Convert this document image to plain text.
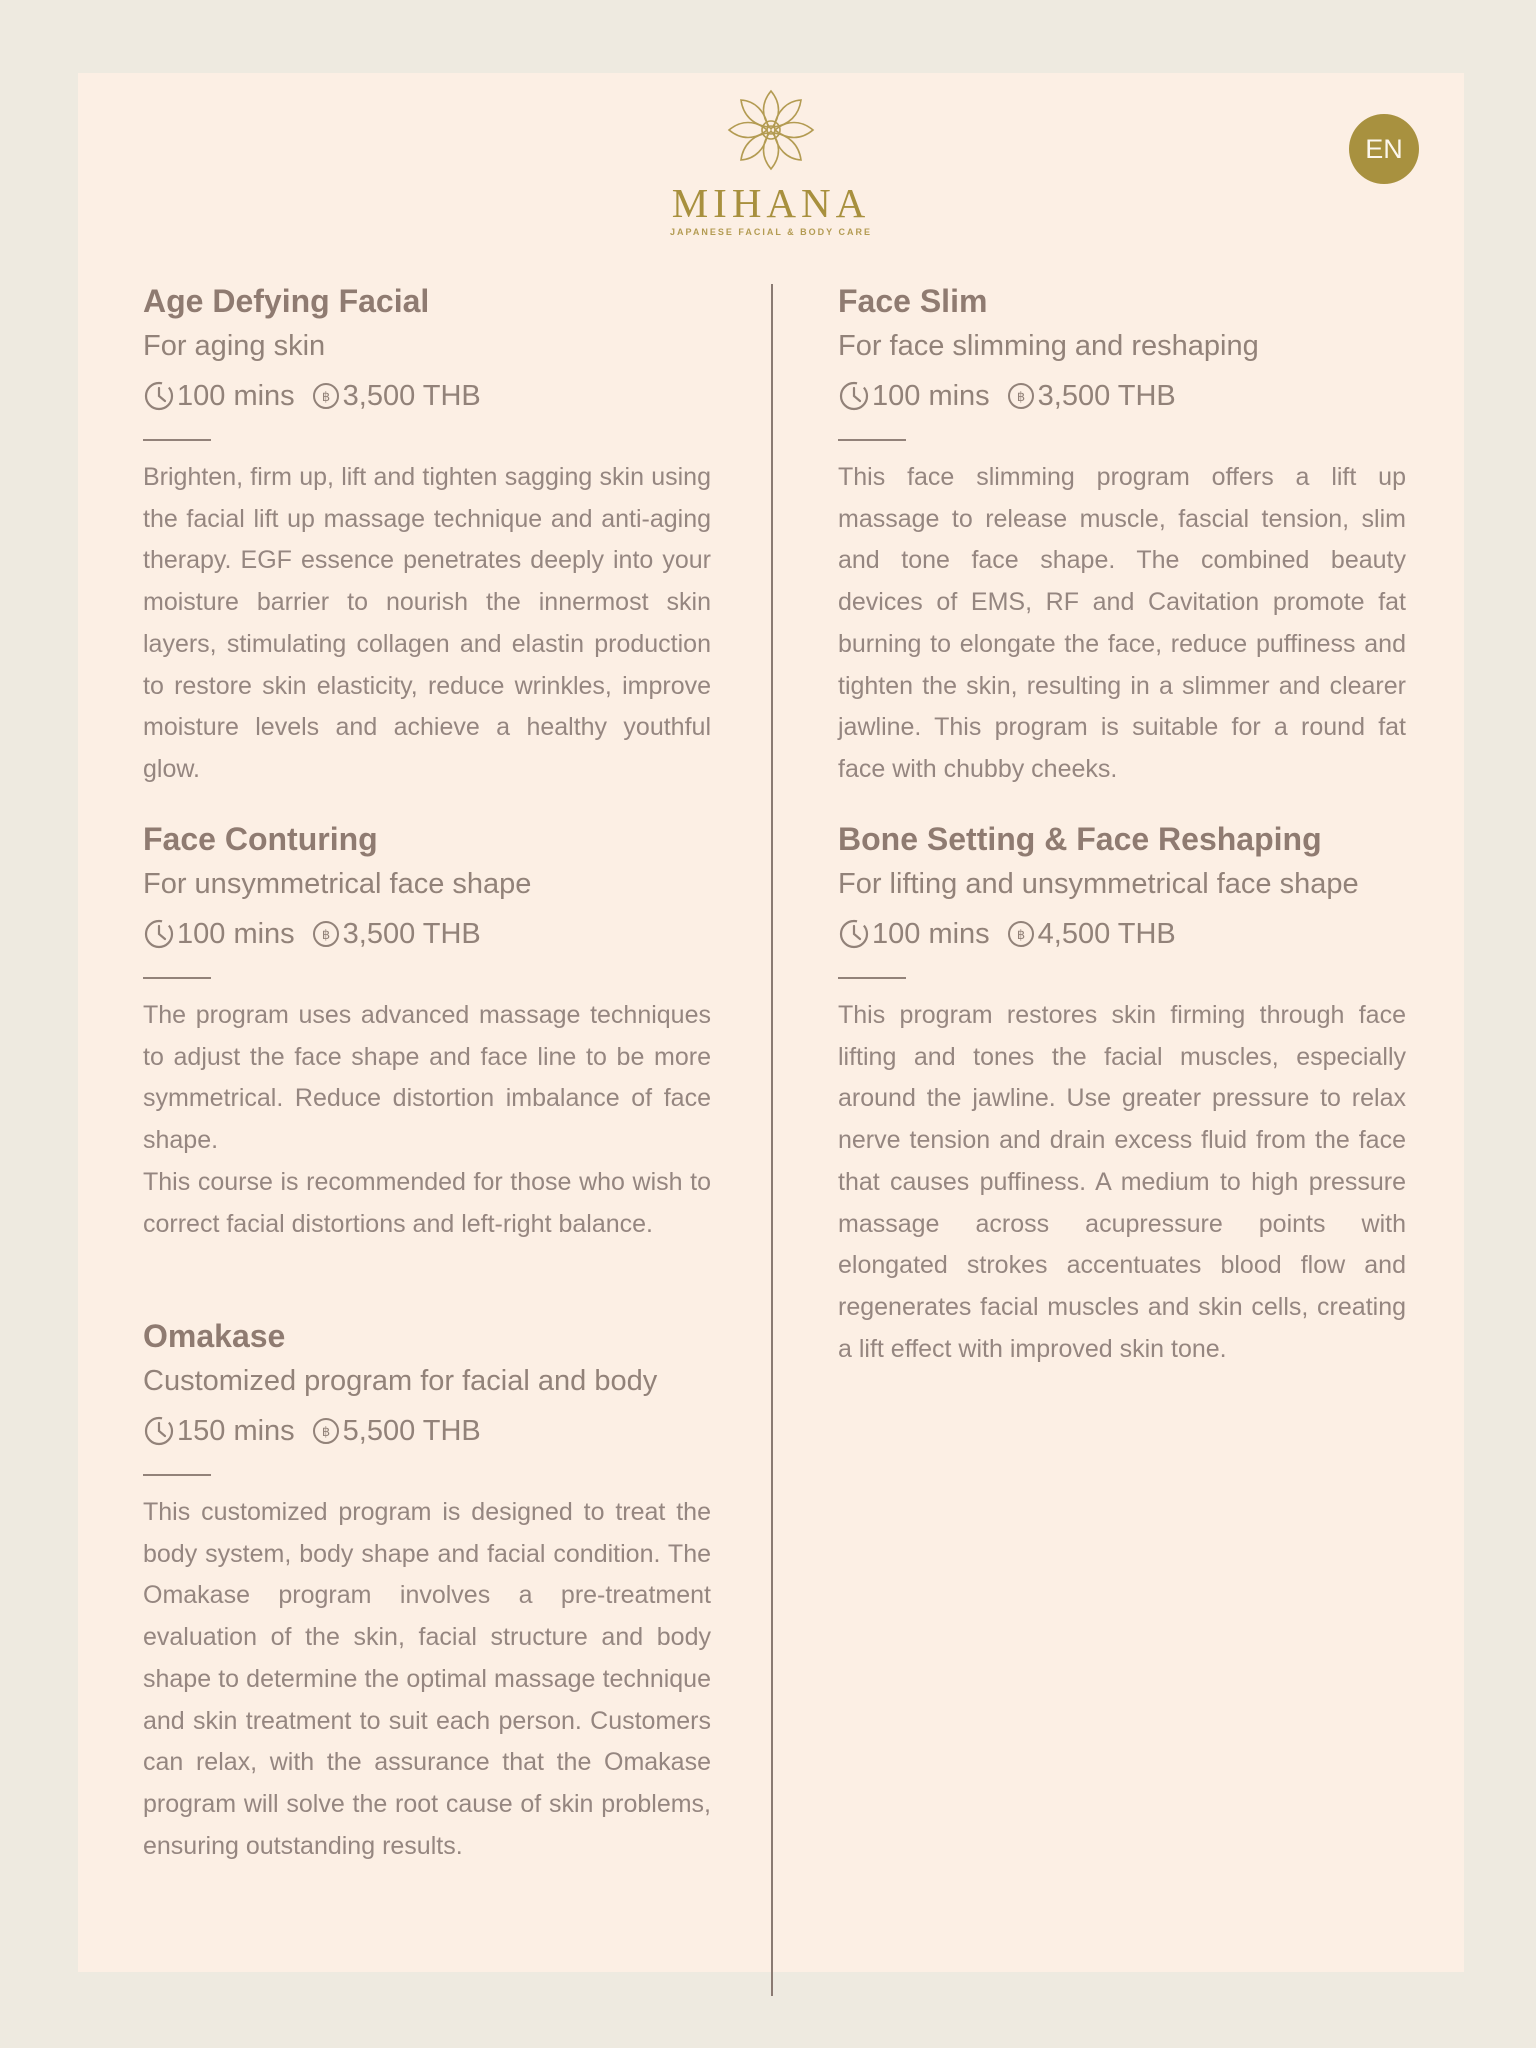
MIHANA
JAPANESE FACIAL & BODY CARE
EN
Age Defying Facial
For aging skin
100 mins ฿ 3,500 THB

Brighten, firm up, lift and tighten sagging skin using the facial lift up massage technique and anti-aging therapy. EGF essence penetrates deeply into your moisture barrier to nourish the innermost skin layers, stimulating collagen and elastin production to restore skin elasticity, reduce wrinkles, improve moisture levels and achieve a healthy youthful glow.

Face Conturing
For unsymmetrical face shape
100 mins ฿ 3,500 THB

The program uses advanced massage techniques to adjust the face shape and face line to be more symmetrical. Reduce distortion imbalance of face shape.

This course is recommended for those who wish to correct facial distortions and left-right balance.

Omakase
Customized program for facial and body
150 mins ฿ 5,500 THB

This customized program is designed to treat the body system, body shape and facial condition. The Omakase program involves a pre-treatment evaluation of the skin, facial structure and body shape to determine the optimal massage technique and skin treatment to suit each person. Customers can relax, with the assurance that the Omakase program will solve the root cause of skin problems, ensuring outstanding results.

Face Slim
For face slimming and reshaping
100 mins ฿ 3,500 THB

This face slimming program offers a lift up massage to release muscle, fascial tension, slim and tone face shape. The combined beauty devices of EMS, RF and Cavitation promote fat burning to elongate the face, reduce puffiness and tighten the skin, resulting in a slimmer and clearer jawline. This program is suitable for a round fat face with chubby cheeks.

Bone Setting & Face Reshaping
For lifting and unsymmetrical face shape
100 mins ฿ 4,500 THB

This program restores skin firming through face lifting and tones the facial muscles, especially around the jawline. Use greater pressure to relax nerve tension and drain excess fluid from the face that causes puffiness. A medium to high pressure massage across acupressure points with elongated strokes accentuates blood flow and regenerates facial muscles and skin cells, creating a lift effect with improved skin tone.
